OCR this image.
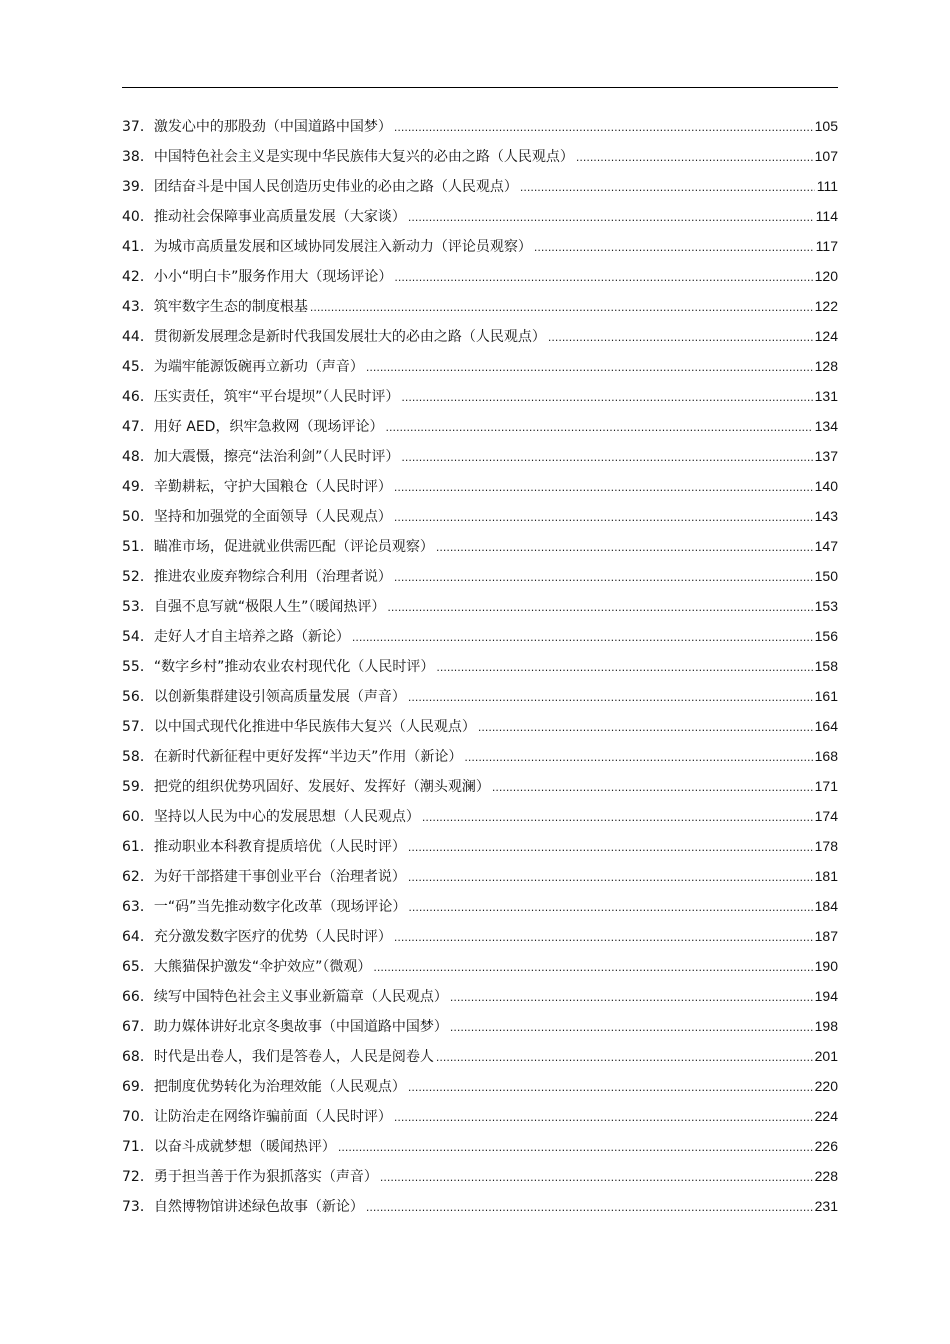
37．激发心中的那股劲（中国道路中国梦） .....	105
38．中国特色社会主义是实现中华民族伟大复兴的必由之路（人民观点） .....	107
39．团结奋斗是中国人民创造历史伟业的必由之路（人民观点） .....	111
40．推动社会保障事业高质量发展（大家谈） .....	114
41．为城市高质量发展和区域协同发展注入新动力（评论员观察） .....	117
42．小小“明白卡”服务作用大（现场评论） .....	120
43．筑牢数字生态的制度根基 .....	122
44．贯彻新发展理念是新时代我国发展壮大的必由之路（人民观点） .....	124
45．为端牢能源饭碗再立新功（声音） .....	128
46．压实责任，筑牢“平台堤坝”（人民时评） .....	131
47．用好 AED，织牢急救网（现场评论） .....	134
48．加大震慑，擦亮“法治利剑”（人民时评） .....	137
49．辛勤耕耘，守护大国粮仓（人民时评） .....	140
50．坚持和加强党的全面领导（人民观点） .....	143
51．瞄准市场，促进就业供需匹配（评论员观察） .....	147
52．推进农业废弃物综合利用（治理者说） .....	150
53．自强不息写就“极限人生”（暖闻热评） .....	153
54．走好人才自主培养之路（新论） .....	156
55．“数字乡村”推动农业农村现代化（人民时评） .....	158
56．以创新集群建设引领高质量发展（声音） .....	161
57．以中国式现代化推进中华民族伟大复兴（人民观点） .....	164
58．在新时代新征程中更好发挥“半边天”作用（新论） .....	168
59．把党的组织优势巩固好、发展好、发挥好（潮头观澜） .....	171
60．坚持以人民为中心的发展思想（人民观点） .....	174
61．推动职业本科教育提质培优（人民时评） .....	178
62．为好干部搭建干事创业平台（治理者说） .....	181
63．一“码”当先推动数字化改革（现场评论） .....	184
64．充分激发数字医疗的优势（人民时评） .....	187
65．大熊猫保护激发“伞护效应”（微观） .....	190
66．续写中国特色社会主义事业新篇章（人民观点） .....	194
67．助力媒体讲好北京冬奥故事（中国道路中国梦） .....	198
68．时代是出卷人，我们是答卷人，人民是阅卷人 .....	201
69．把制度优势转化为治理效能（人民观点） .....	220
70．让防治走在网络诈骗前面（人民时评） .....	224
71．以奋斗成就梦想（暖闻热评） .....	226
72．勇于担当善于作为狠抓落实（声音） .....	228
73．自然博物馆讲述绿色故事（新论） .....	231
